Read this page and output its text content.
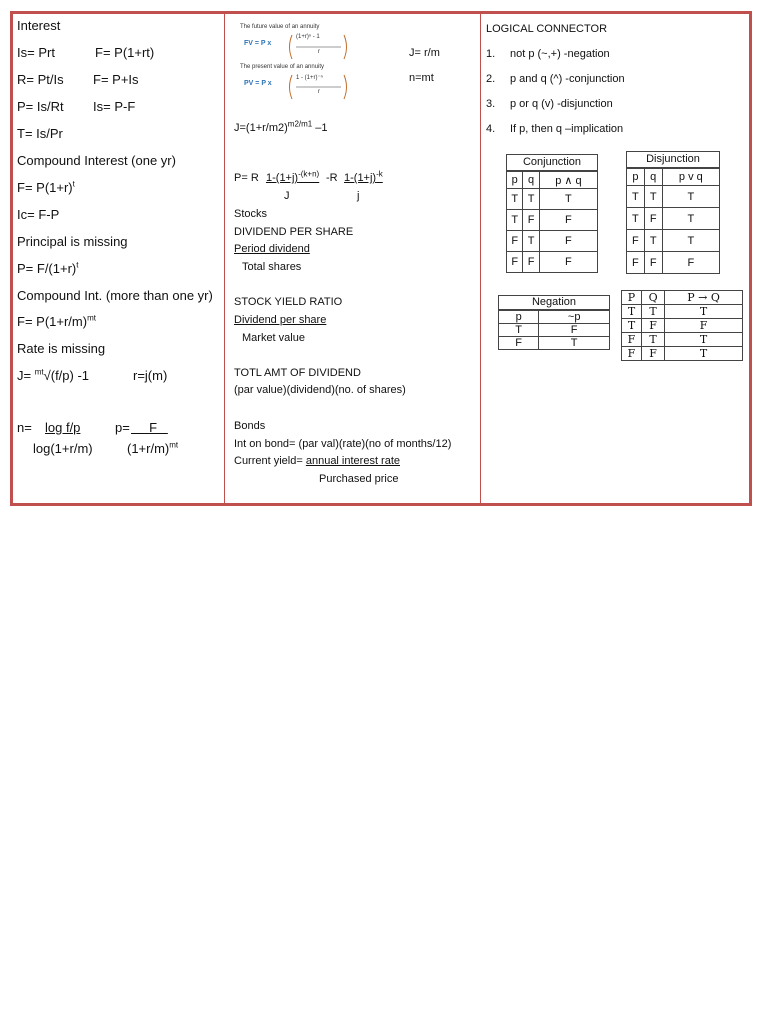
Interest
Is= Prt	F= P(1+rt)
R= Pt/Is F= P+Is
P= Is/Rt Is= P-F
T= Is/Pr
Compound Interest (one yr)
$F= P(1+r)^t$
Ic= F-P
Principal is missing
$P= F/(1+r)^t$
Compound Int. (more than one yr)
$F= P(1+r/m)^{mt}$
Rate is missing
J= $^{mt}$√(f/p) -1	r=j(m)
n= log f/p
log(1+r/m)
p=	F
$(1+r/m)^{mt}$
The future value of an annuity
FV = P x
(1+r)ⁿ - 1
r
The present value of an annuity
PV = P x
1 - (1+r)⁻ⁿ
r
J= r/m
n=mt
$J=(1+r/m2)^{m2/m1}$ –1
P= R $1-(1+j)^{-(k+n)}$ -R $1-(1+j)^{-k}$
J	j
Stocks
DIVIDEND PER SHARE
Period dividend
Total shares
STOCK YIELD RATIO
Dividend per share
Market value
TOTL AMT OF DIVIDEND
(par value)(dividend)(no. of shares)
Bonds
Int on bond= (par val)(rate)(no of months/12)
Current yield= annual interest rate
Purchased price
LOGICAL CONNECTOR
1. not p (~,+) -negation
2. p and q (^) -conjunction
3. p or q (v) -disjunction
4. If p, then q –implication
Conjunction
p	q	p ∧ q
T	T	T
T	F	F
F	T	F
F	F	F
Disjunction
p	q	p v q
T	T	T
T	F	T
F	T	T
F	F	F
Negation
p	~p
T	F
F	T
P	Q	P → Q
T	T	T
T	F	F
F	T	T
F	F	T
